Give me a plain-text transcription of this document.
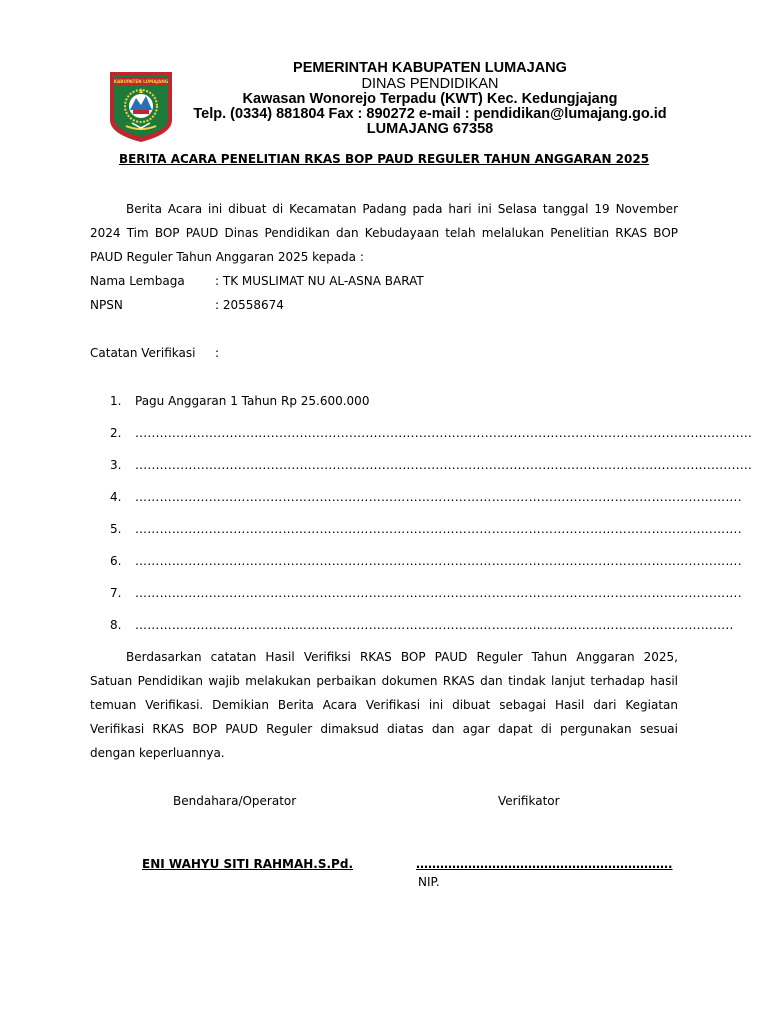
KABUPATEN LUMAJANG
PEMERINTAH KABUPATEN LUMAJANG
DINAS PENDIDIKAN
Kawasan Wonorejo Terpadu (KWT) Kec. Kedungjajang
Telp. (0334) 881804 Fax : 890272 e-mail : pendidikan@lumajang.go.id
LUMAJANG 67358
BERITA ACARA PENELITIAN RKAS BOP PAUD REGULER TAHUN ANGGARAN 2025
Berita Acara ini dibuat di Kecamatan Padang pada hari ini Selasa tanggal 19 November
2024 Tim BOP PAUD Dinas Pendidikan dan Kebudayaan telah melalukan Penelitian RKAS BOP
PAUD Reguler Tahun Anggaran 2025 kepada :
Nama Lembaga	: TK MUSLIMAT NU AL-ASNA BARAT
NPSN	: 20558674
Catatan Verifikasi :
1. Pagu Anggaran 1 Tahun Rp 25.600.000
2. ......................................................................................................................................................
3. ......................................................................................................................................................
4. ………………………………………………………………………………………………………………………………….
5. ………………………………………………………………………………………………………………………………….
6. ………………………………………………………………………………………………………………………………….
7. ………………………………………………………………………………………………………………………………….
8. ………………………………………………………………………………………………………………………………..
Berdasarkan catatan Hasil Verifiksi RKAS BOP PAUD Reguler Tahun Anggaran 2025,
Satuan Pendidikan wajib melakukan perbaikan dokumen RKAS dan tindak lanjut terhadap hasil
temuan Verifikasi. Demikian Berita Acara Verifikasi ini dibuat sebagai Hasil dari Kegiatan
Verifikasi RKAS BOP PAUD Reguler dimaksud diatas dan agar dapat di pergunakan sesuai
dengan keperluannya.
Bendahara/Operator	Verifikator
ENI WAHYU SITI RAHMAH.S.Pd.	……………………………………………………….
NIP.
